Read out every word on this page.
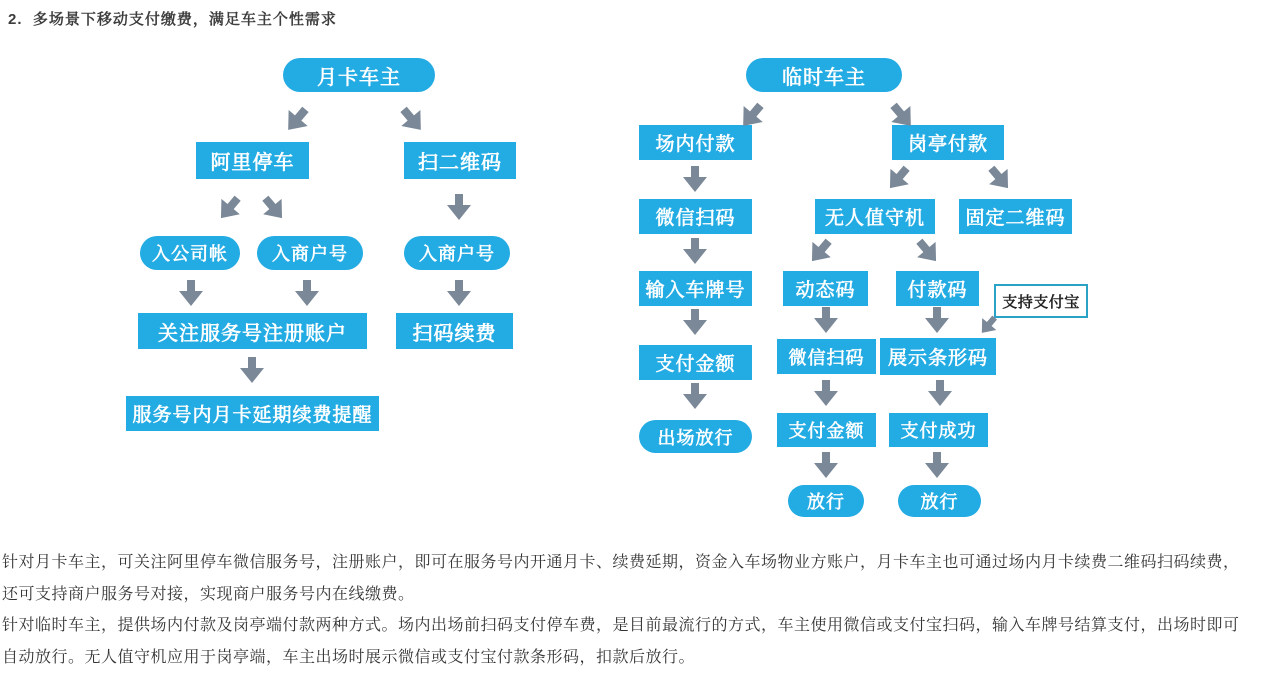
2.  多场景下移动支付缴费，满足车主个性需求
月卡车主
阿里停车	扫二维码
入公司帐	入商户号	入商户号
关注服务号注册账户	扫码续费
服务号内月卡延期续费提醒
临时车主
场内付款	岗亭付款
微信扫码	无人值守机	固定二维码
输入车牌号	动态码	付款码
支持支付宝
支付金额	微信扫码	展示条形码
出场放行	支付金额	支付成功
放行	放行

针对月卡车主，可关注阿里停车微信服务号，注册账户，即可在服务号内开通月卡、续费延期，资金入车场物业方账户，月卡车主也可通过场内月卡续费二维码扫码续费，还可支持商户服务号对接，实现商户服务号内在线缴费。

针对临时车主，提供场内付款及岗亭端付款两种方式。场内出场前扫码支付停车费，是目前最流行的方式，车主使用微信或支付宝扫码，输入车牌号结算支付，出场时即可自动放行。无人值守机应用于岗亭端，车主出场时展示微信或支付宝付款条形码，扣款后放行。
